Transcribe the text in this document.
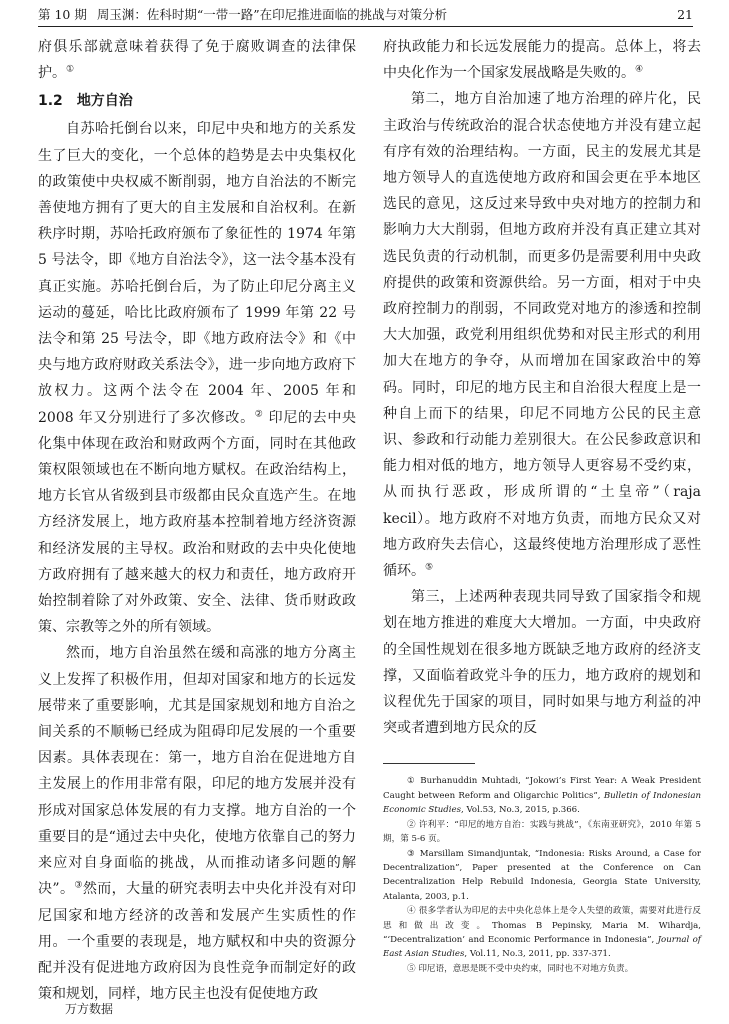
第 10 期 周玉渊：佐科时期“一带一路”在印尼推进面临的挑战与对策分析	21

府俱乐部就意味着获得了免于腐败调查的法律保护。①

1.2 地方自治

自苏哈托倒台以来，印尼中央和地方的关系发生了巨大的变化，一个总体的趋势是去中央集权化的政策使中央权威不断削弱，地方自治法的不断完善使地方拥有了更大的自主发展和自治权利。在新秩序时期，苏哈托政府颁布了象征性的 1974 年第 5 号法令，即《地方自治法令》，这一法令基本没有真正实施。苏哈托倒台后，为了防止印尼分离主义运动的蔓延，哈比比政府颁布了 1999 年第 22 号法令和第 25 号法令，即《地方政府法令》和《中央与地方政府财政关系法令》，进一步向地方政府下放权力。这两个法令在 2004 年、2005 年和 2008 年又分别进行了多次修改。② 印尼的去中央化集中体现在政治和财政两个方面，同时在其他政策权限领域也在不断向地方赋权。在政治结构上，地方长官从省级到县市级都由民众直选产生。在地方经济发展上，地方政府基本控制着地方经济资源和经济发展的主导权。政治和财政的去中央化使地方政府拥有了越来越大的权力和责任，地方政府开始控制着除了对外政策、安全、法律、货币财政政策、宗教等之外的所有领域。

然而，地方自治虽然在缓和高涨的地方分离主义上发挥了积极作用，但却对国家和地方的长远发展带来了重要影响，尤其是国家规划和地方自治之间关系的不顺畅已经成为阻碍印尼发展的一个重要因素。具体表现在：第一，地方自治在促进地方自主发展上的作用非常有限，印尼的地方发展并没有形成对国家总体发展的有力支撑。地方自治的一个重要目的是“通过去中央化，使地方依靠自己的努力来应对自身面临的挑战，从而推动诸多问题的解决”。③然而，大量的研究表明去中央化并没有对印尼国家和地方经济的改善和发展产生实质性的作用。一个重要的表现是，地方赋权和中央的资源分配并没有促进地方政府因为良性竞争而制定好的政策和规划，同样，地方民主也没有促使地方政

府执政能力和长远发展能力的提高。总体上，将去中央化作为一个国家发展战略是失败的。④

第二，地方自治加速了地方治理的碎片化，民主政治与传统政治的混合状态使地方并没有建立起有序有效的治理结构。一方面，民主的发展尤其是地方领导人的直选使地方政府和国会更在乎本地区选民的意见，这反过来导致中央对地方的控制力和影响力大大削弱，但地方政府并没有真正建立其对选民负责的行动机制，而更多仍是需要利用中央政府提供的政策和资源供给。另一方面，相对于中央政府控制力的削弱，不同政党对地方的渗透和控制大大加强，政党利用组织优势和对民主形式的利用加大在地方的争夺，从而增加在国家政治中的筹码。同时，印尼的地方民主和自治很大程度上是一种自上而下的结果，印尼不同地方公民的民主意识、参政和行动能力差别很大。在公民参政意识和能力相对低的地方，地方领导人更容易不受约束，从而执行恶政，形成所谓的“土皇帝”（raja kecil）。地方政府不对地方负责，而地方民众又对地方政府失去信心，这最终使地方治理形成了恶性循环。⑤

第三，上述两种表现共同导致了国家指令和规划在地方推进的难度大大增加。一方面，中央政府的全国性规划在很多地方既缺乏地方政府的经济支撑，又面临着政党斗争的压力，地方政府的规划和议程优先于国家的项目，同时如果与地方利益的冲突或者遭到地方民众的反

① Burhanuddin Muhtadi, “Jokowi’s First Year: A Weak President Caught between Reform and Oligarchic Politics”, Bulletin of Indonesian Economic Studies, Vol.53, No.3, 2015, p.366.

② 许利平：“印尼的地方自治：实践与挑战”，《东南亚研究》，2010 年第 5 期，第 5-6 页。

③ Marsillam Simandjuntak, “Indonesia: Risks Around, a Case for Decentralization”, Paper presented at the Conference on Can Decentralization Help Rebuild Indonesia, Georgia State University, Atalanta, 2003, p.1.

④ 很多学者认为印尼的去中央化总体上是令人失望的政策，需要对此进行反思和做出改变。Thomas B Pepinsky, Maria M. Wihardja, “‘Decentralization’ and Economic Performance in Indonesia”, Journal of East Asian Studies, Vol.11, No.3, 2011, pp. 337-371.

⑤ 印尼语，意思是既不受中央约束，同时也不对地方负责。

万方数据
